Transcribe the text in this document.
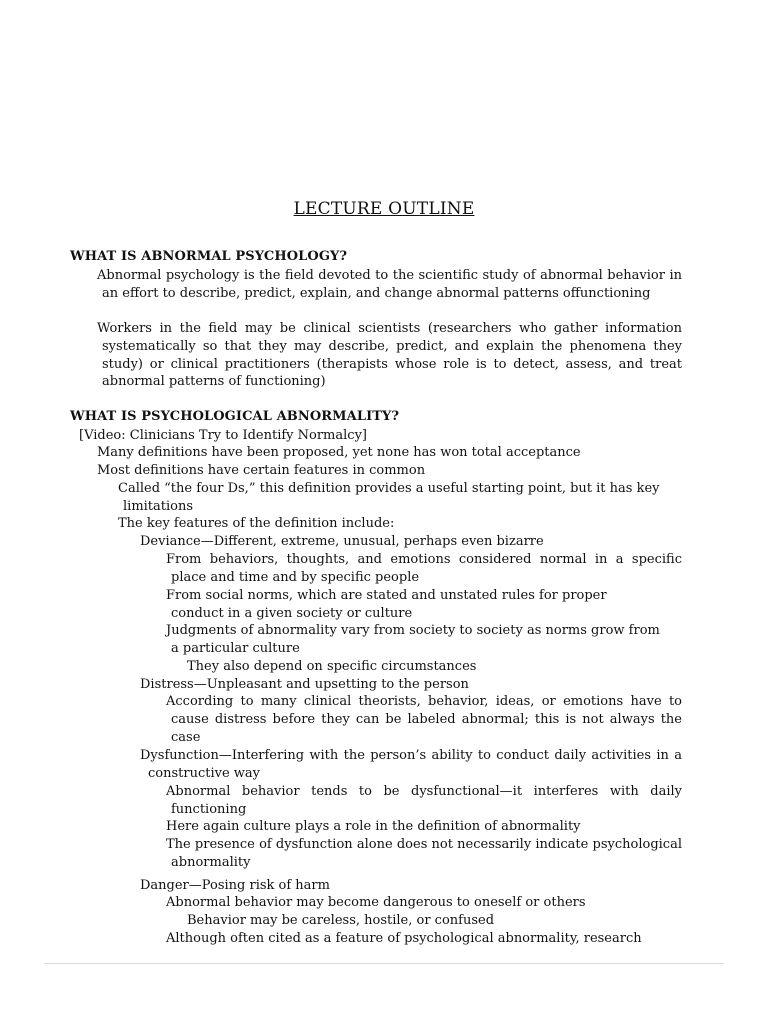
LECTURE OUTLINE
WHAT IS ABNORMAL PSYCHOLOGY?
Abnormal psychology is the field devoted to the scientific study of abnormal behavior in an effort to describe, predict, explain, and change abnormal patterns offunctioning
Workers in the field may be clinical scientists (researchers who gather information systematically so that they may describe, predict, and explain the phenomena they study) or clinical practitioners (therapists whose role is to detect, assess, and treat abnormal patterns of functioning)
WHAT IS PSYCHOLOGICAL ABNORMALITY?
[Video: Clinicians Try to Identify Normalcy]
Many definitions have been proposed, yet none has won total acceptance
Most definitions have certain features in common
Called “the four Ds,” this definition provides a useful starting point, but it has key limitations
The key features of the definition include:
Deviance—Different, extreme, unusual, perhaps even bizarre
From behaviors, thoughts, and emotions considered normal in a specific place and time and by specific people
From social norms, which are stated and unstated rules for proper conduct in a given society or culture
Judgments of abnormality vary from society to society as norms grow from a particular culture
They also depend on specific circumstances
Distress—Unpleasant and upsetting to the person
According to many clinical theorists, behavior, ideas, or emotions have to cause distress before they can be labeled abnormal; this is not always the case
Dysfunction—Interfering with the person’s ability to conduct daily activities in a constructive way
Abnormal behavior tends to be dysfunctional—it interferes with daily functioning
Here again culture plays a role in the definition of abnormality
The presence of dysfunction alone does not necessarily indicate psychological abnormality
Danger—Posing risk of harm
Abnormal behavior may become dangerous to oneself or others
Behavior may be careless, hostile, or confused
Although often cited as a feature of psychological abnormality, research
